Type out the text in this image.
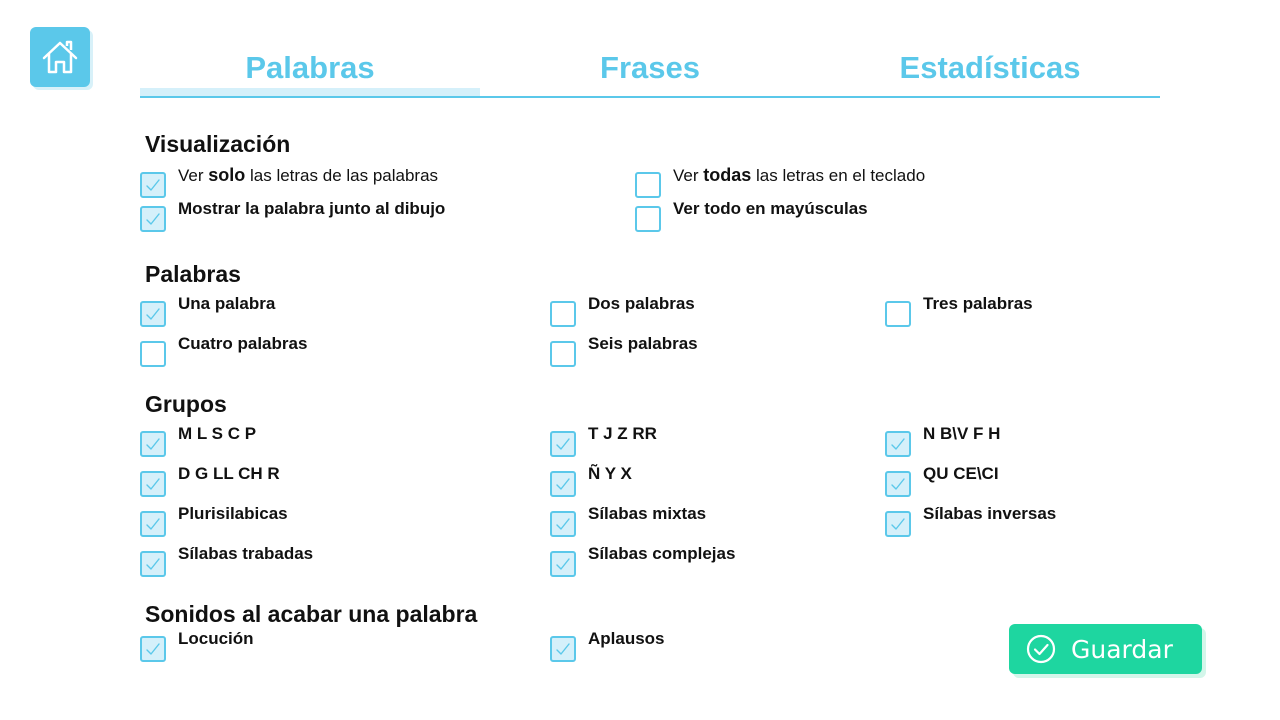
Palabras	Frases	Estadísticas
Visualización
Ver solo las letras de las palabras	Ver todas las letras en el teclado
Mostrar la palabra junto al dibujo	Ver todo en mayúsculas
Palabras
Una palabra	Dos palabras	Tres palabras
Cuatro palabras	Seis palabras
Grupos
M L S C P	T J Z RR	N B\V F H
D G LL CH R	Ñ Y X	QU CE\CI
Plurisilabicas	Sílabas mixtas	Sílabas inversas
Sílabas trabadas	Sílabas complejas
Sonidos al acabar una palabra
Locución	Aplausos	Guardar
